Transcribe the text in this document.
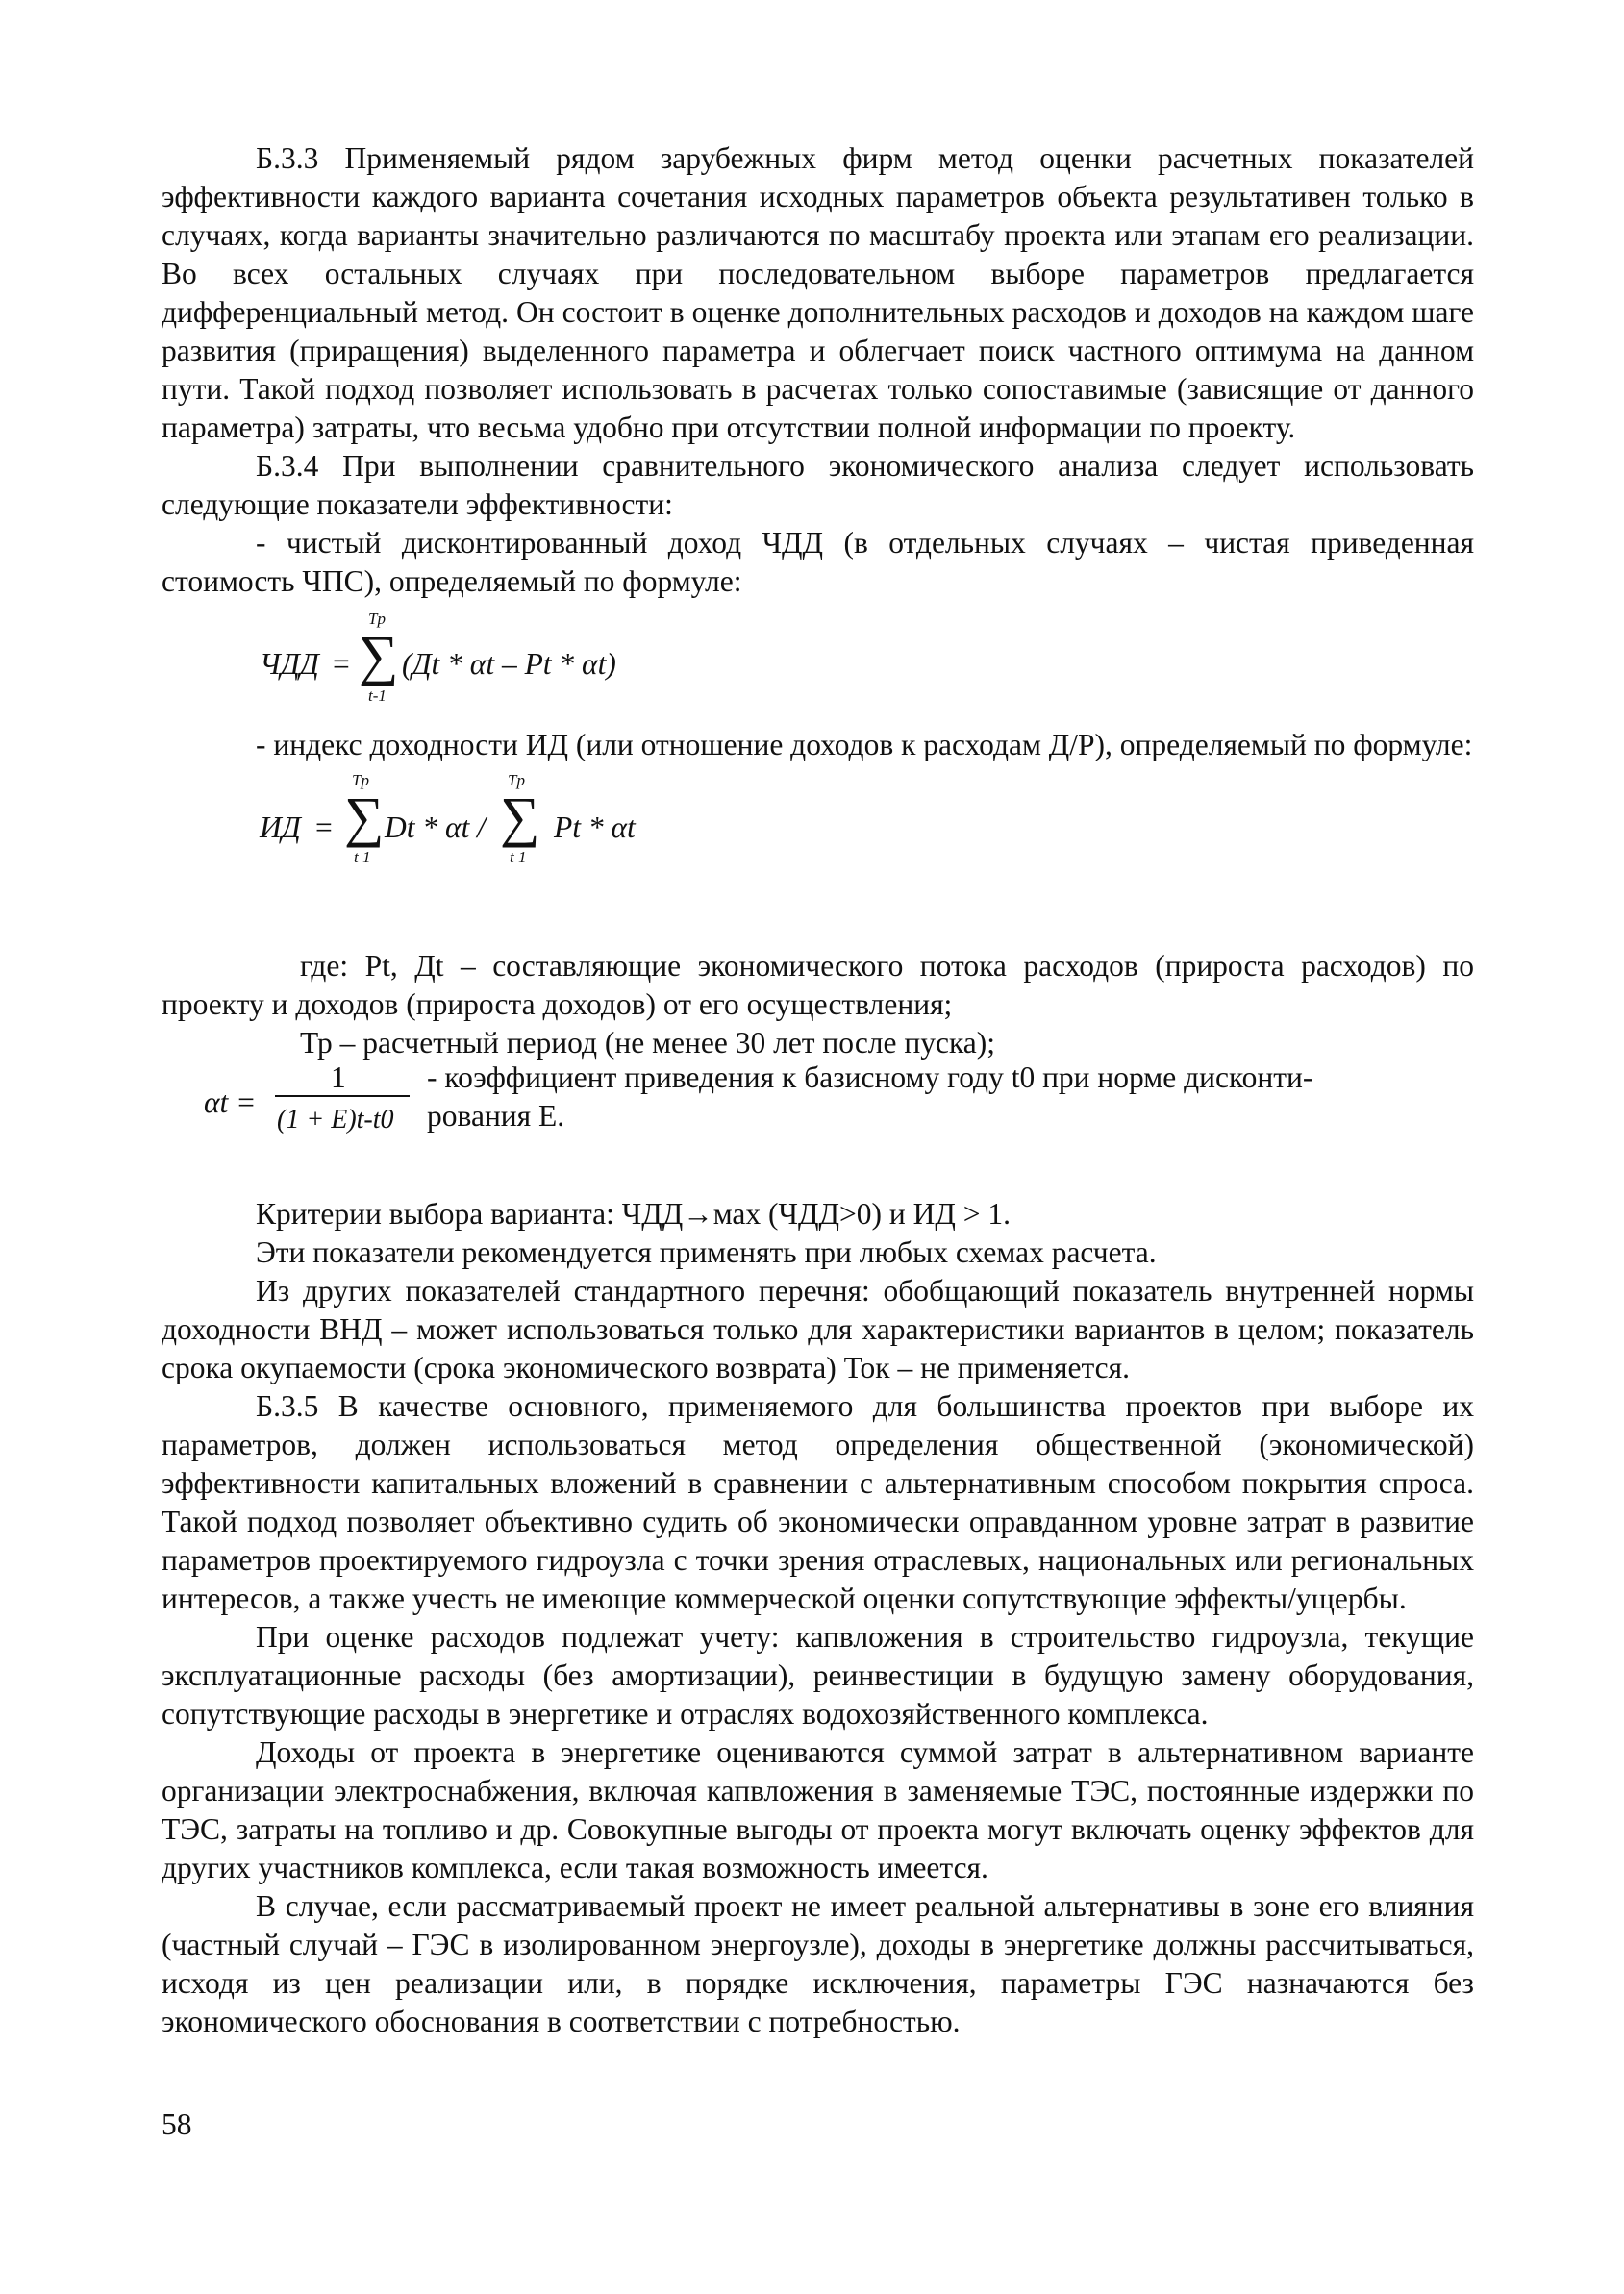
Б.3.3 Применяемый рядом зарубежных фирм метод оценки расчетных показателей эффективности каждого варианта сочетания исходных параметров объекта результативен только в случаях, когда варианты значительно различаются по масштабу проекта или этапам его реализации. Во всех остальных случаях при последовательном выборе параметров предлагается дифференциальный метод. Он состоит в оценке дополнительных расходов и доходов на каждом шаге развития (приращения) выделенного параметра и облегчает поиск частного оптимума на данном пути. Такой подход позволяет использовать в расчетах только сопоставимые (зависящие от данного параметра) затраты, что весьма удобно при отсутствии полной информации по проекту.

Б.3.4 При выполнении сравнительного экономического анализа следует использовать следующие показатели эффективности:

- чистый дисконтированный доход ЧДД (в отдельных случаях – чистая приведенная стоимость ЧПС), определяемый по формуле:

ЧДД =
Tp
∑
t-1
(Дt * αt – Pt * αt)

- индекс доходности ИД (или отношение доходов к расходам Д/Р), определяемый по формуле:

ИД =
Tp
∑
t 1
Dt * αt /
Tp
∑
t 1
Pt * αt

где: Pt, Дt – составляющие экономического потока расходов (прироста расходов) по проекту и доходов (прироста доходов) от его осуществления;

Тр – расчетный период (не менее 30 лет после пуска);

αt =
1
(1 + E)t-t0
- коэффициент приведения к базисному году t0 при норме дисконти-
рования Е.

Критерии выбора варианта: ЧДД→мах (ЧДД>0) и ИД > 1.

Эти показатели рекомендуется применять при любых схемах расчета.

Из других показателей стандартного перечня: обобщающий показатель внутренней нормы доходности ВНД – может использоваться только для характеристики вариантов в целом; показатель срока окупаемости (срока экономического возврата) Ток – не применяется.

Б.3.5 В качестве основного, применяемого для большинства проектов при выборе их параметров, должен использоваться метод определения общественной (экономической) эффективности капитальных вложений в сравнении с альтернативным способом покрытия спроса. Такой подход позволяет объективно судить об экономически оправданном уровне затрат в развитие параметров проектируемого гидроузла с точки зрения отраслевых, национальных или региональных интересов, а также учесть не имеющие коммерческой оценки сопутствующие эффекты/ущербы.

При оценке расходов подлежат учету: капвложения в строительство гидроузла, текущие эксплуатационные расходы (без амортизации), реинвестиции в будущую замену оборудования, сопутствующие расходы в энергетике и отраслях водохозяйственного комплекса.

Доходы от проекта в энергетике оцениваются суммой затрат в альтернативном варианте организации электроснабжения, включая капвложения в заменяемые ТЭС, постоянные издержки по ТЭС, затраты на топливо и др. Совокупные выгоды от проекта могут включать оценку эффектов для других участников комплекса, если такая возможность имеется.

В случае, если рассматриваемый проект не имеет реальной альтернативы в зоне его влияния (частный случай – ГЭС в изолированном энергоузле), доходы в энергетике должны рассчитываться, исходя из цен реализации или, в порядке исключения, параметры ГЭС назначаются без экономического обоснования в соответствии с потребностью.

58
